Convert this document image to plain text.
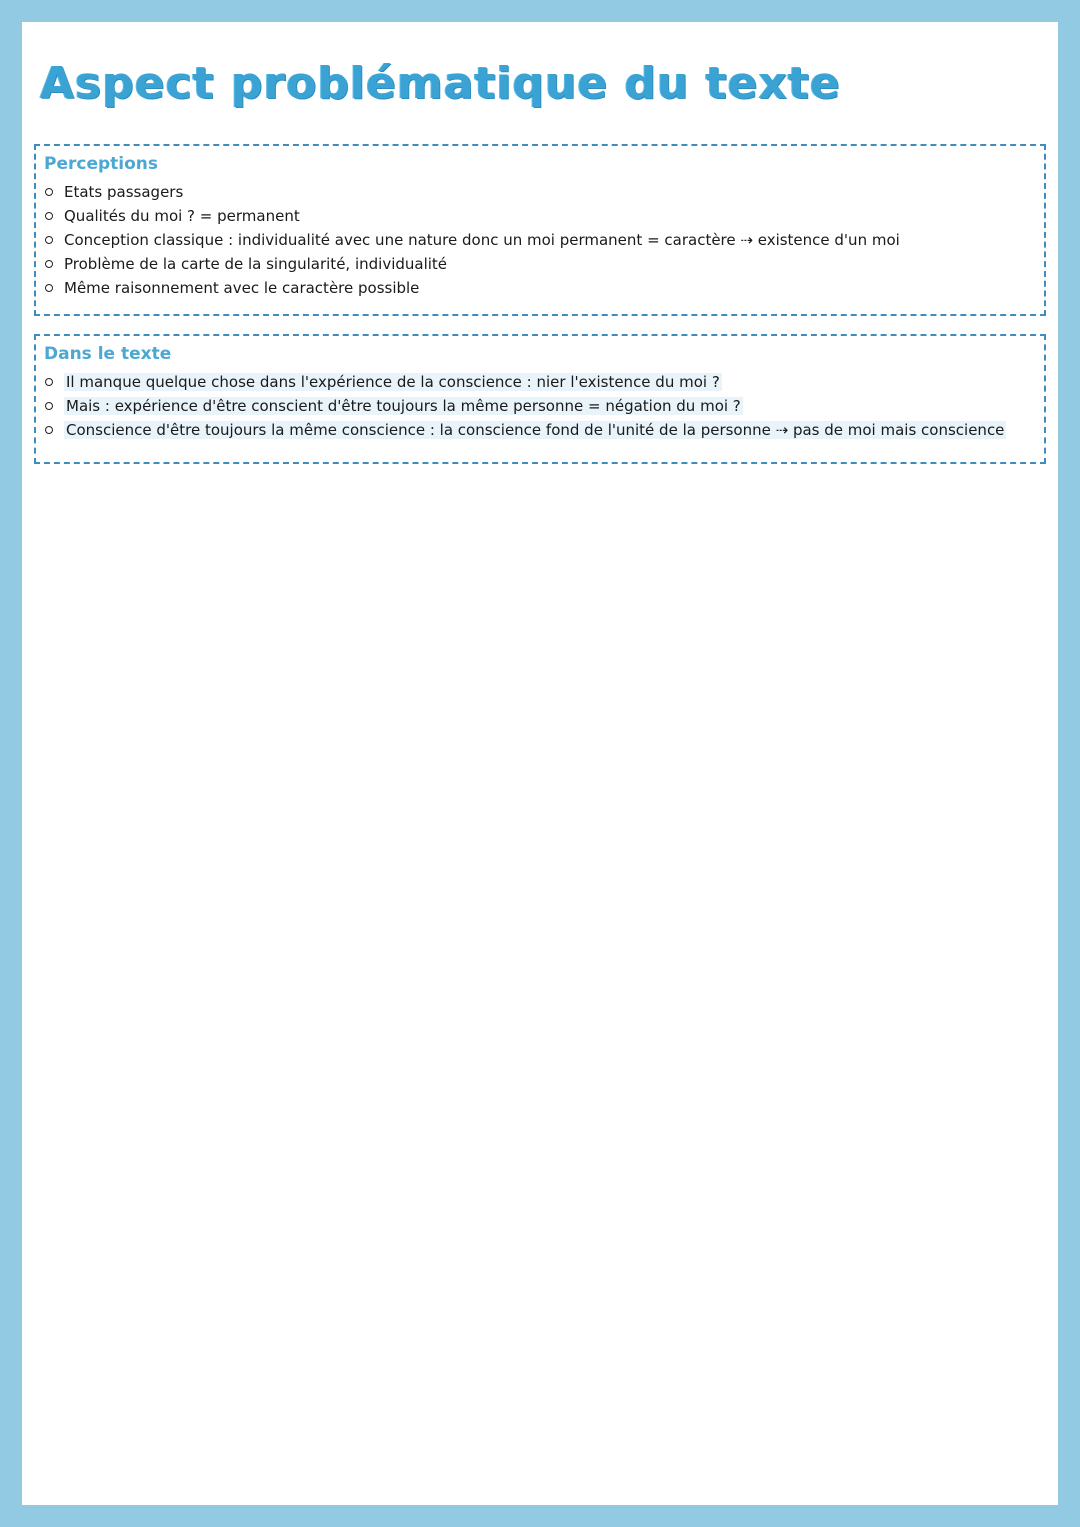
Aspect problématique du texte
Perceptions
Etats passagers
Qualités du moi ? = permanent
Conception classique : individualité avec une nature donc un moi permanent = caractère ⇢ existence d'un moi
Problème de la carte de la singularité, individualité
Même raisonnement avec le caractère possible
Dans le texte
Il manque quelque chose dans l'expérience de la conscience : nier l'existence du moi ?
Mais : expérience d'être conscient d'être toujours la même personne = négation du moi ?
Conscience d'être toujours la même conscience : la conscience fond de l'unité de la personne ⇢ pas de moi mais conscience
